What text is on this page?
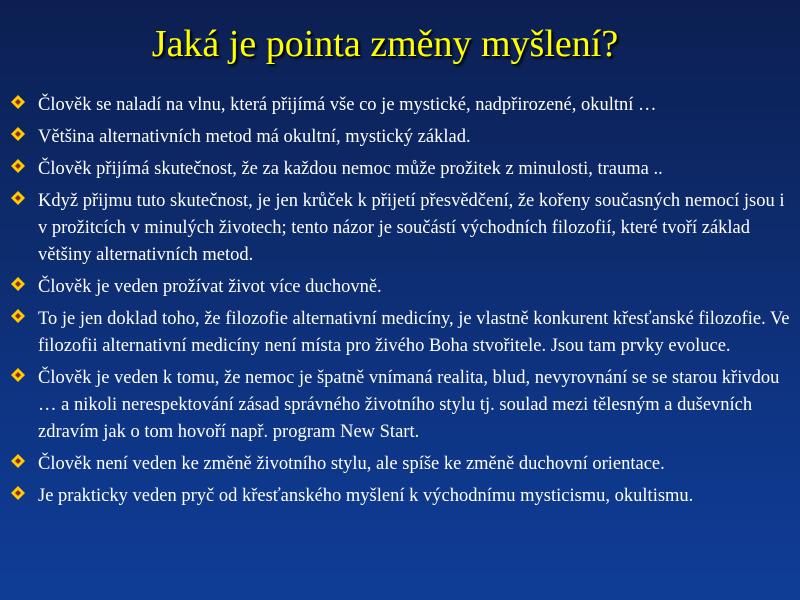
Jaká je pointa změny myšlení?
Člověk se naladí na vlnu, která přijímá vše co je mystické, nadpřirozené, okultní …
Většina alternativních metod má okultní, mystický základ.
Člověk přijímá skutečnost, že za každou nemoc může prožitek z minulosti, trauma ..
Když přijmu tuto skutečnost, je jen krůček k přijetí přesvědčení, že kořeny současných nemocí jsou i v prožitcích v minulých životech; tento názor je součástí východních filozofií, které tvoří základ většiny alternativních metod.
Člověk je veden prožívat život více duchovně.
To je jen doklad toho, že filozofie alternativní medicíny, je vlastně konkurent křesťanské filozofie. Ve filozofii alternativní medicíny není místa pro živého Boha stvořitele. Jsou tam prvky evoluce.
Člověk je veden k tomu, že nemoc je špatně vnímaná realita, blud, nevyrovnání se se starou křivdou … a nikoli nerespektování zásad správného životního stylu tj. soulad mezi tělesným a duševních zdravím jak o tom hovoří např. program New Start.
Člověk není veden ke změně životního stylu, ale spíše ke změně duchovní orientace.
Je prakticky veden pryč od křesťanského myšlení k východnímu mysticismu, okultismu.
